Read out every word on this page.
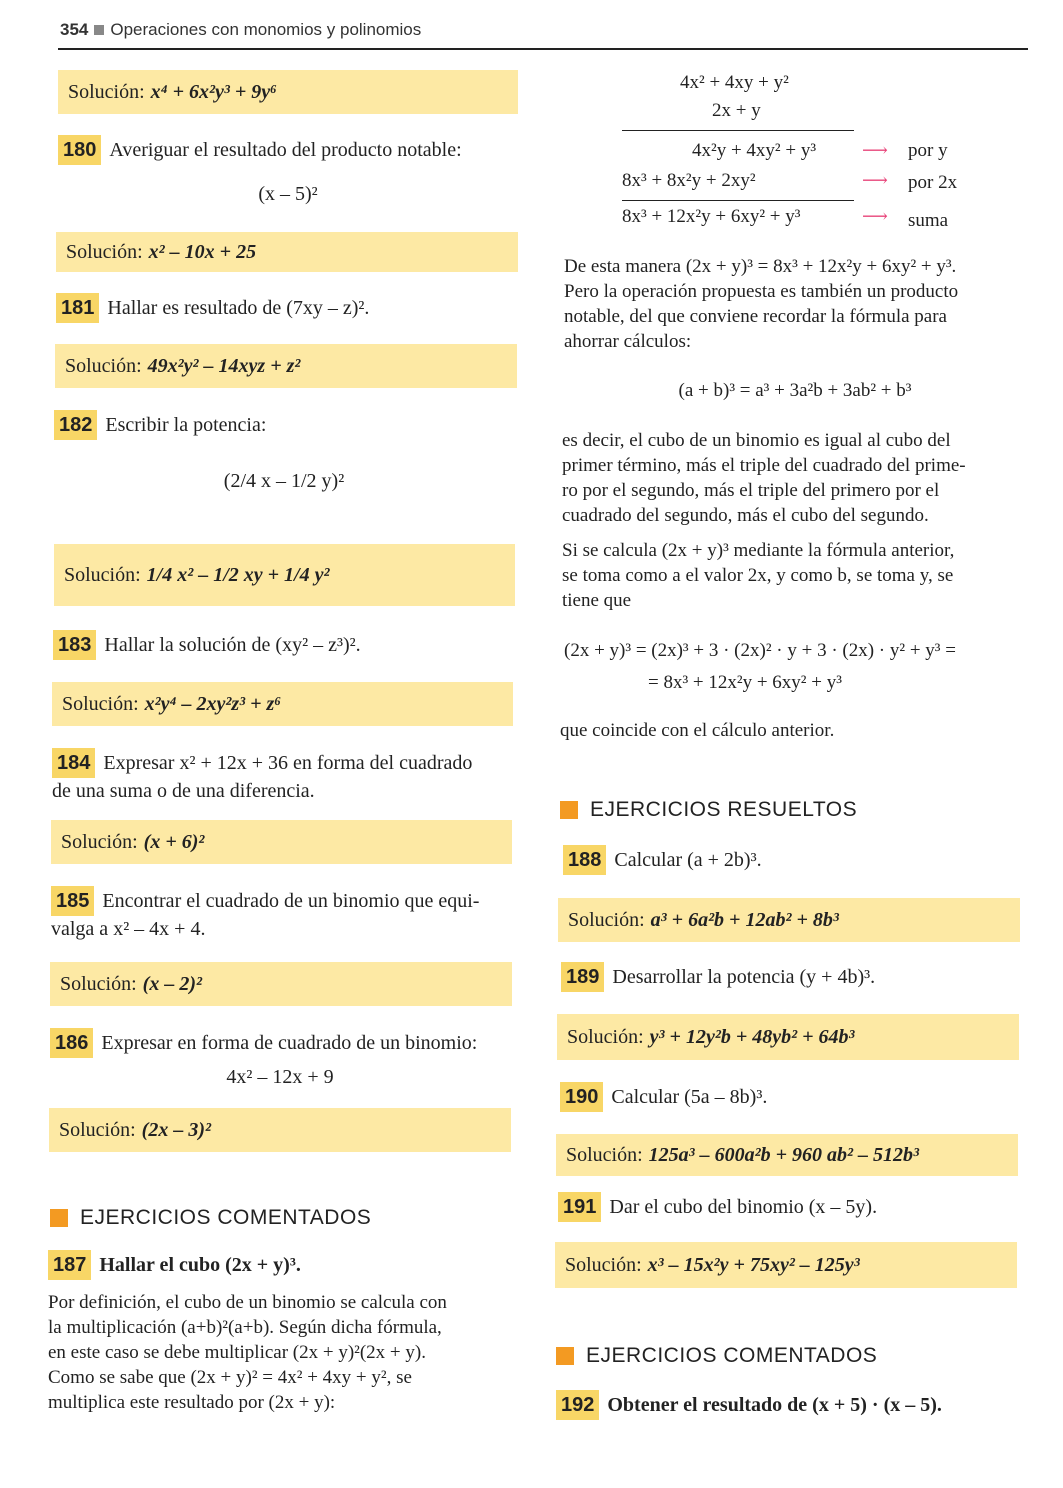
354 Operaciones con monomios y polinomios
Solución: x⁴ + 6x²y³ + 9y⁶
180 Averiguar el resultado del producto notable:
(x – 5)²
Solución: x² – 10x + 25
181 Hallar es resultado de (7xy – z)².
Solución: 49x²y² – 14xyz + z²
182 Escribir la potencia:
(2/4 x – 1/2 y)²
Solución: 1/4 x² – 1/2 xy + 1/4 y²
183 Hallar la solución de (xy² – z³)².
Solución: x²y⁴ – 2xy²z³ + z⁶
184 Expresar x² + 12x + 36 en forma del cuadrado
de una suma o de una diferencia.
Solución: (x + 6)²
185 Encontrar el cuadrado de un binomio que equi-
valga a x² – 4x + 4.
Solución: (x – 2)²
186 Expresar en forma de cuadrado de un binomio:
4x² – 12x + 9
Solución: (2x – 3)²
EJERCICIOS COMENTADOS
187 Hallar el cubo (2x + y)³.
Por definición, el cubo de un binomio se calcula con
la multiplicación (a+b)²(a+b). Según dicha fórmula,
en este caso se debe multiplicar (2x + y)²(2x + y).
Como se sabe que (2x + y)² = 4x² + 4xy + y², se
multiplica este resultado por (2x + y):
4x² + 4xy + y²
2x + y
4x²y + 4xy² + y³	⟶ por y
8x³ + 8x²y + 2xy²	⟶ por 2x
8x³ + 12x²y + 6xy² + y³	⟶ suma
De esta manera (2x + y)³ = 8x³ + 12x²y + 6xy² + y³.
Pero la operación propuesta es también un producto
notable, del que conviene recordar la fórmula para
ahorrar cálculos:
(a + b)³ = a³ + 3a²b + 3ab² + b³
es decir, el cubo de un binomio es igual al cubo del
primer término, más el triple del cuadrado del prime-
ro por el segundo, más el triple del primero por el
cuadrado del segundo, más el cubo del segundo.
Si se calcula (2x + y)³ mediante la fórmula anterior,
se toma como a el valor 2x, y como b, se toma y, se
tiene que
(2x + y)³ = (2x)³ + 3 · (2x)² · y + 3 · (2x) · y² + y³ =
= 8x³ + 12x²y + 6xy² + y³
que coincide con el cálculo anterior.
EJERCICIOS RESUELTOS
188 Calcular (a + 2b)³.
Solución: a³ + 6a²b + 12ab² + 8b³
189 Desarrollar la potencia (y + 4b)³.
Solución: y³ + 12y²b + 48yb² + 64b³
190 Calcular (5a – 8b)³.
Solución: 125a³ – 600a²b + 960 ab² – 512b³
191 Dar el cubo del binomio (x – 5y).
Solución: x³ – 15x²y + 75xy² – 125y³
EJERCICIOS COMENTADOS
192 Obtener el resultado de (x + 5) · (x – 5).
